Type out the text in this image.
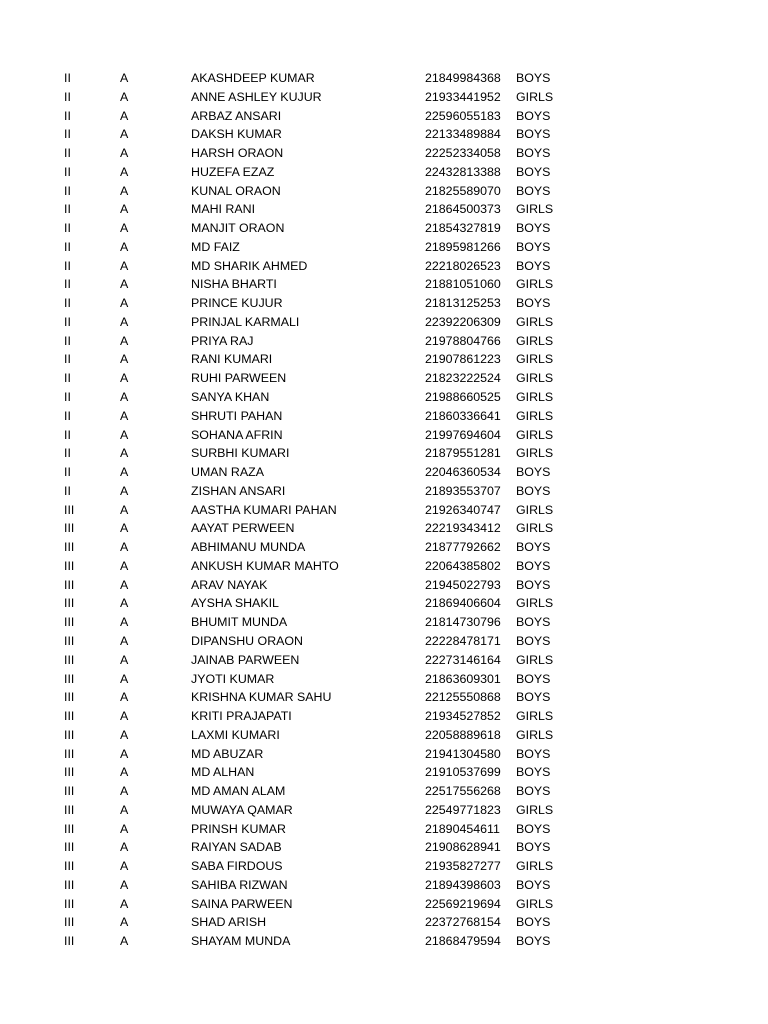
II	A	AKASHDEEP KUMAR	21849984368 BOYS
II	A	ANNE ASHLEY KUJUR	21933441952 GIRLS
II	A	ARBAZ ANSARI	22596055183 BOYS
II	A	DAKSH KUMAR	22133489884 BOYS
II	A	HARSH ORAON	22252334058 BOYS
II	A	HUZEFA EZAZ	22432813388 BOYS
II	A	KUNAL ORAON	21825589070 BOYS
II	A	MAHI RANI	21864500373 GIRLS
II	A	MANJIT ORAON	21854327819 BOYS
II	A	MD FAIZ	21895981266 BOYS
II	A	MD SHARIK AHMED	22218026523 BOYS
II	A	NISHA BHARTI	21881051060 GIRLS
II	A	PRINCE KUJUR	21813125253 BOYS
II	A	PRINJAL KARMALI	22392206309 GIRLS
II	A	PRIYA RAJ	21978804766 GIRLS
II	A	RANI KUMARI	21907861223 GIRLS
II	A	RUHI PARWEEN	21823222524 GIRLS
II	A	SANYA KHAN	21988660525 GIRLS
II	A	SHRUTI PAHAN	21860336641 GIRLS
II	A	SOHANA AFRIN	21997694604 GIRLS
II	A	SURBHI KUMARI	21879551281 GIRLS
II	A	UMAN RAZA	22046360534 BOYS
II	A	ZISHAN ANSARI	21893553707 BOYS
III	A	AASTHA KUMARI PAHAN	21926340747 GIRLS
III	A	AAYAT PERWEEN	22219343412 GIRLS
III	A	ABHIMANU MUNDA	21877792662 BOYS
III	A	ANKUSH KUMAR MAHTO	22064385802 BOYS
III	A	ARAV NAYAK	21945022793 BOYS
III	A	AYSHA SHAKIL	21869406604 GIRLS
III	A	BHUMIT MUNDA	21814730796 BOYS
III	A	DIPANSHU ORAON	22228478171 BOYS
III	A	JAINAB PARWEEN	22273146164 GIRLS
III	A	JYOTI KUMAR	21863609301 BOYS
III	A	KRISHNA KUMAR SAHU	22125550868 BOYS
III	A	KRITI PRAJAPATI	21934527852 GIRLS
III	A	LAXMI KUMARI	22058889618 GIRLS
III	A	MD ABUZAR	21941304580 BOYS
III	A	MD ALHAN	21910537699 BOYS
III	A	MD AMAN ALAM	22517556268 BOYS
III	A	MUWAYA QAMAR	22549771823 GIRLS
III	A	PRINSH KUMAR	21890454611 BOYS
III	A	RAIYAN SADAB	21908628941 BOYS
III	A	SABA FIRDOUS	21935827277 GIRLS
III	A	SAHIBA RIZWAN	21894398603 BOYS
III	A	SAINA PARWEEN	22569219694 GIRLS
III	A	SHAD ARISH	22372768154 BOYS
III	A	SHAYAM MUNDA	21868479594 BOYS
